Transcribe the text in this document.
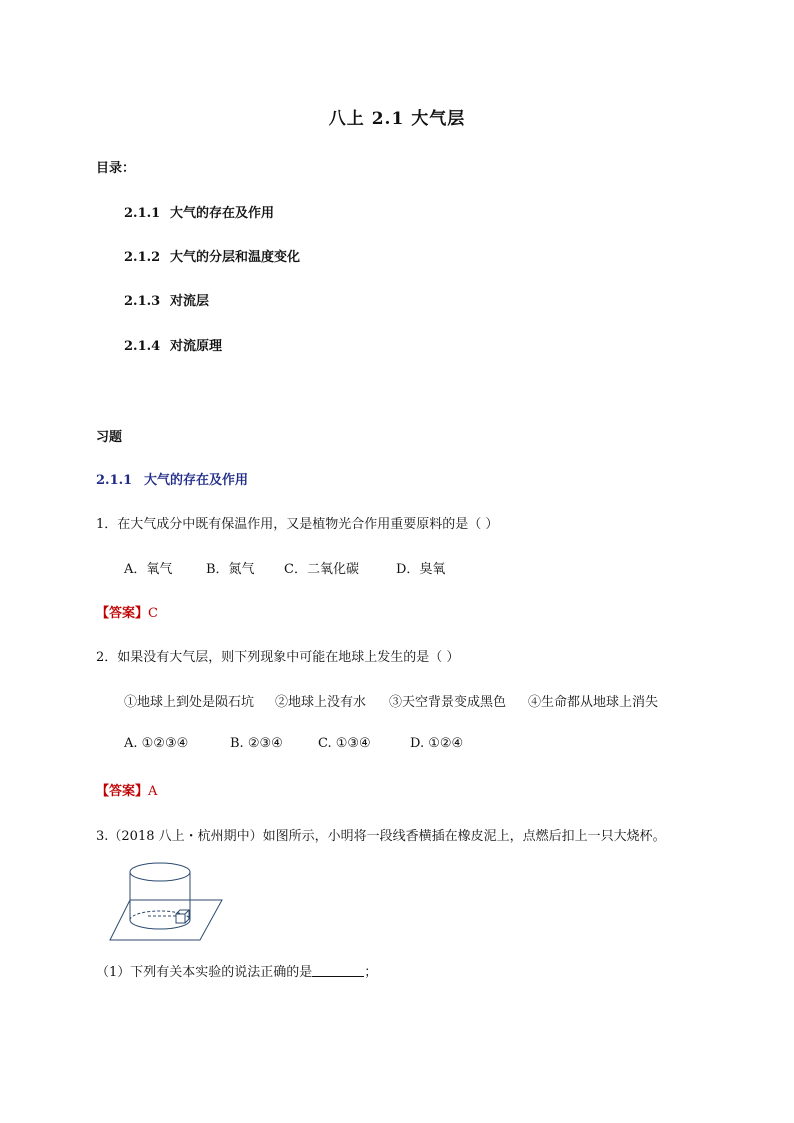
八上 2.1 大气层
目录：
2.1.1 大气的存在及作用
2.1.2 大气的分层和温度变化
2.1.3 对流层
2.1.4 对流原理
习题
2.1.1 大气的存在及作用
1．在大气成分中既有保温作用，又是植物光合作用重要原料的是（ ）
A．氧气	B．氮气 C．二氧化碳	D．臭氧
【答案】C
2．如果没有大气层，则下列现象中可能在地球上发生的是（ ）
①地球上到处是陨石坑 ②地球上没有水 ③天空背景变成黑色 ④生命都从地球上消失
A. ①②③④	B. ②③④	C. ①③④	D. ①②④
【答案】A
3.（2018 八上・杭州期中）如图所示，小明将一段线香横插在橡皮泥上，点燃后扣上一只大烧杯。
（1）下列有关本实验的说法正确的是	；
